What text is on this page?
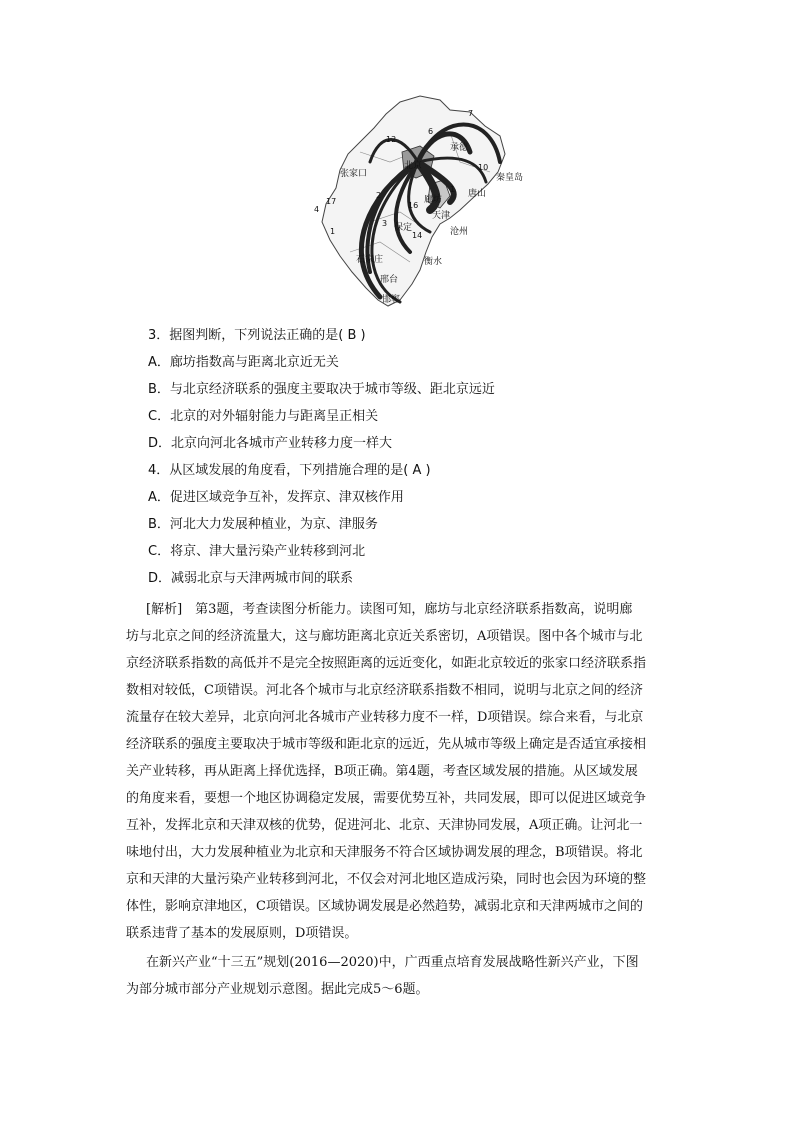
承德
张家口
北京
秦皇岛
唐山
廊坊
天津
保定	沧州
石家庄	衡水
邢台
邯郸
7
6
12
17
4
1
2
10
16
14
3
1
3．据图判断，下列说法正确的是( B )
A．廊坊指数高与距离北京近无关
B．与北京经济联系的强度主要取决于城市等级、距北京远近
C．北京的对外辐射能力与距离呈正相关
D．北京向河北各城市产业转移力度一样大
4．从区域发展的角度看，下列措施合理的是( A )
A．促进区域竞争互补，发挥京、津双核作用
B．河北大力发展种植业，为京、津服务
C．将京、津大量污染产业转移到河北
D．减弱北京与天津两城市间的联系
[解析]　第3题，考查读图分析能力。读图可知，廊坊与北京经济联系指数高，说明廊
坊与北京之间的经济流量大，这与廊坊距离北京近关系密切，A项错误。图中各个城市与北
京经济联系指数的高低并不是完全按照距离的远近变化，如距北京较近的张家口经济联系指
数相对较低，C项错误。河北各个城市与北京经济联系指数不相同，说明与北京之间的经济
流量存在较大差异，北京向河北各城市产业转移力度不一样，D项错误。综合来看，与北京
经济联系的强度主要取决于城市等级和距北京的远近，先从城市等级上确定是否适宜承接相
关产业转移，再从距离上择优选择，B项正确。第4题，考查区域发展的措施。从区域发展
的角度来看，要想一个地区协调稳定发展，需要优势互补，共同发展，即可以促进区域竞争
互补，发挥北京和天津双核的优势，促进河北、北京、天津协同发展，A项正确。让河北一
味地付出，大力发展种植业为北京和天津服务不符合区域协调发展的理念，B项错误。将北
京和天津的大量污染产业转移到河北，不仅会对河北地区造成污染，同时也会因为环境的整
体性，影响京津地区，C项错误。区域协调发展是必然趋势，减弱北京和天津两城市之间的
联系违背了基本的发展原则，D项错误。
在新兴产业“十三五”规划(2016—2020)中，广西重点培育发展战略性新兴产业，下图
为部分城市部分产业规划示意图。据此完成5～6题。
